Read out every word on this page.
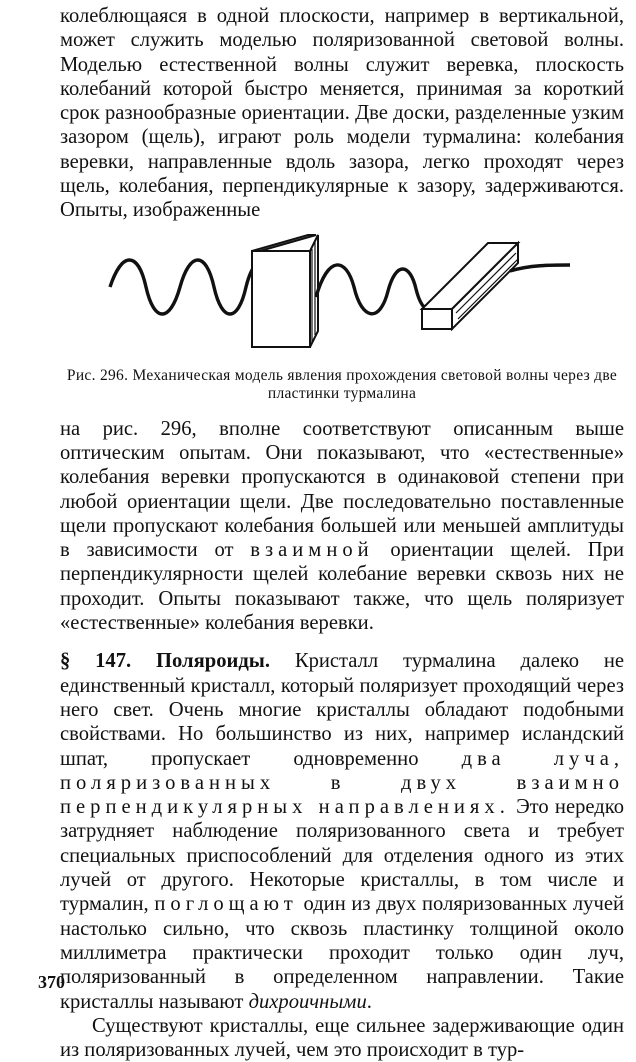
колеблющаяся в одной плоскости, например в вертикальной, может служить моделью поляризованной световой волны. Моделью естественной волны служит веревка, плоскость колебаний которой быстро меняется, принимая за короткий срок разнообразные ориентации. Две доски, разделенные узким зазором (щель), играют роль модели турмалина: колебания веревки, направленные вдоль зазора, легко проходят через щель, колебания, перпендикулярные к зазору, задерживаются. Опыты, изображенные

Рис. 296. Механическая модель явления прохождения световой волны через две пластинки турмалина

на рис. 296, вполне соответствуют описанным выше оптическим опытам. Они показывают, что «естественные» колебания веревки пропускаются в одинаковой степени при любой ориентации щели. Две последовательно поставленные щели пропускают колебания большей или меньшей амплитуды в зависимости от взаимной ориентации щелей. При перпендикулярности щелей колебание веревки сквозь них не проходит. Опыты показывают также, что щель поляризует «естественные» колебания веревки.

§ 147. Поляроиды. Кристалл турмалина далеко не единственный кристалл, который поляризует проходящий через него свет. Очень многие кристаллы обладают подобными свойствами. Но большинство из них, например исландский шпат, пропускает одновременно два луча, поляризованных в двух взаимно перпендикулярных направлениях. Это нередко затрудняет наблюдение поляризованного света и требует специальных приспособлений для отделения одного из этих лучей от другого. Некоторые кристаллы, в том числе и турмалин, поглощают один из двух поляризованных лучей настолько сильно, что сквозь пластинку толщиной около миллиметра практически проходит только один луч, поляризованный в определенном направлении. Такие кристаллы называют дихроичными.

Существуют кристаллы, еще сильнее задерживающие один из поляризованных лучей, чем это происходит в тур-

370
